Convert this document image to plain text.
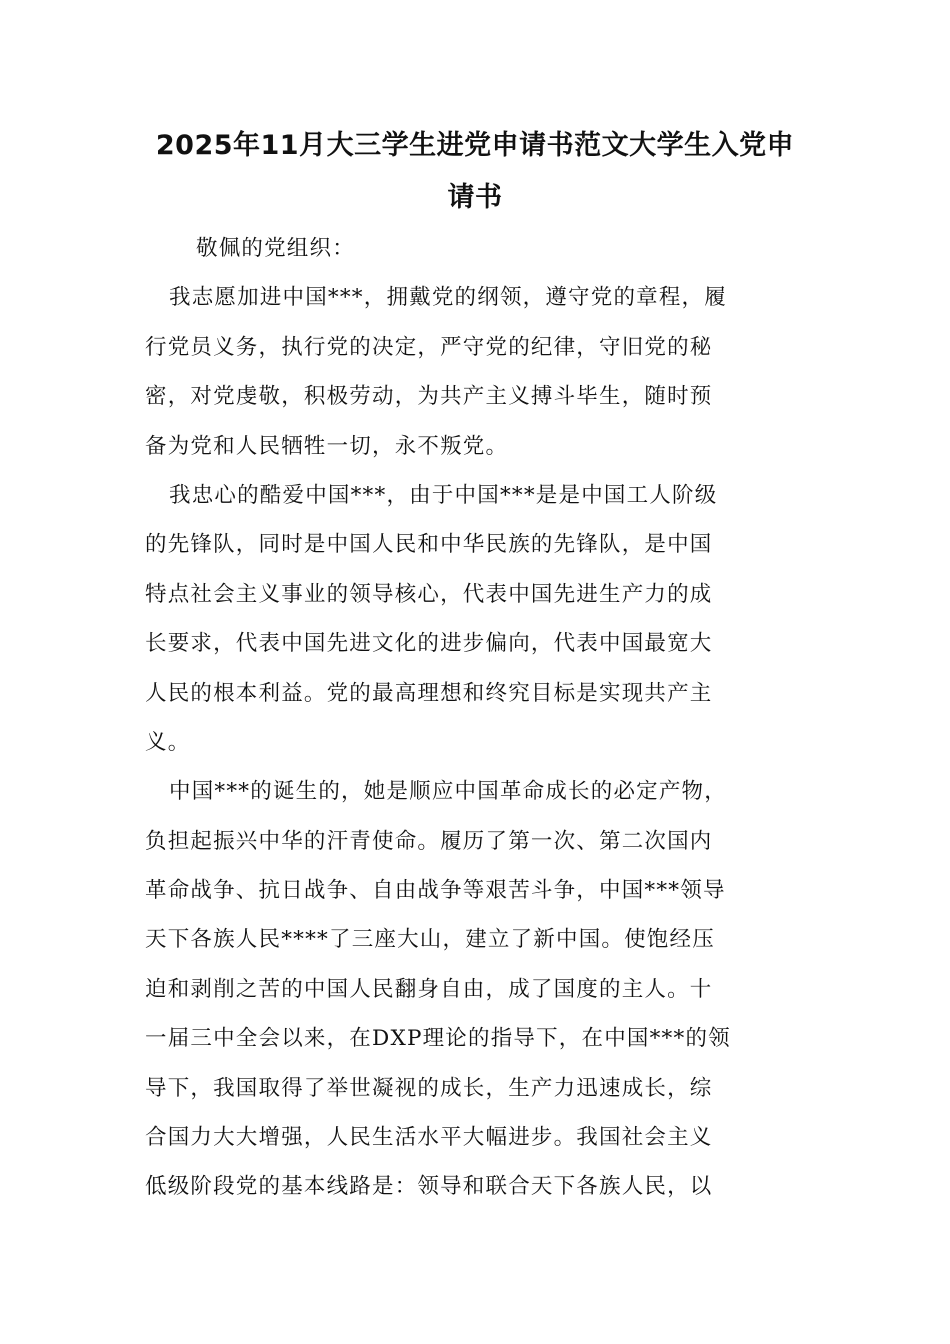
2025年11月大三学生进党申请书范文大学生入党申
请书
敬佩的党组织：
我志愿加进中国***，拥戴党的纲领，遵守党的章程，履
行党员义务，执行党的决定，严守党的纪律，守旧党的秘
密，对党虔敬，积极劳动，为共产主义搏斗毕生，随时预
备为党和人民牺牲一切，永不叛党。
我忠心的酷爱中国***，由于中国***是是中国工人阶级
的先锋队，同时是中国人民和中华民族的先锋队，是中国
特点社会主义事业的领导核心，代表中国先进生产力的成
长要求，代表中国先进文化的进步偏向，代表中国最宽大
人民的根本利益。党的最高理想和终究目标是实现共产主
义。
中国***的诞生的，她是顺应中国革命成长的必定产物，
负担起振兴中华的汗青使命。履历了第一次、第二次国内
革命战争、抗日战争、自由战争等艰苦斗争，中国***领导
天下各族人民****了三座大山，建立了新中国。使饱经压
迫和剥削之苦的中国人民翻身自由，成了国度的主人。十
一届三中全会以来，在DXP理论的指导下，在中国***的领
导下，我国取得了举世凝视的成长，生产力迅速成长，综
合国力大大增强，人民生活水平大幅进步。我国社会主义
低级阶段党的基本线路是：领导和联合天下各族人民，以
